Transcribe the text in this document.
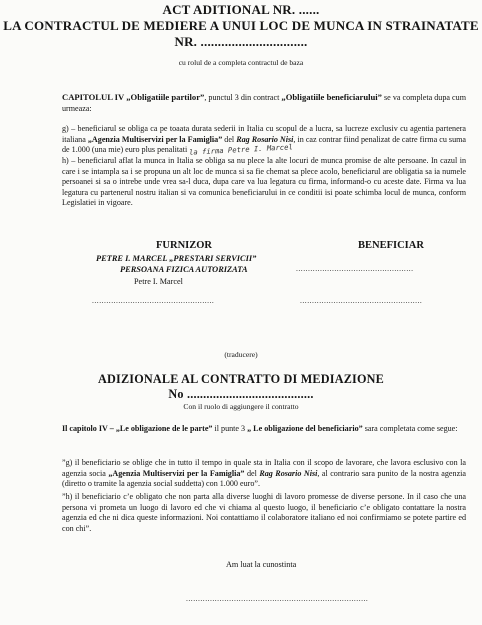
ACT ADITIONAL NR. ......
LA CONTRACTUL DE MEDIERE A UNUI LOC DE MUNCA IN STRAINATATE
NR. ...............................
cu rolul de a completa contractul de baza
CAPITOLUL IV „Obligatiile partilor”, punctul 3 din contract „Obligatiile beneficiarului” se va completa dupa cum urmeaza:
g) – beneficiarul se obliga ca pe toaata durata sederii in Italia cu scopul de a lucra, sa lucreze exclusiv cu agentia partenera italiana „Agenzia Multiservizi per la Famiglia” del Rag Rosario Nisi, in caz contrar fiind penalizat de catre firma cu suma de 1.000 (una mie) euro plus penalitati la firma Petre I. Marcel
h) – beneficiarul aflat la munca in Italia se obliga sa nu plece la alte locuri de munca promise de alte persoane. In cazul in care i se intampla sa i se propuna un alt loc de munca si sa fie chemat sa plece acolo, beneficiarul are obligatia sa ia numele persoanei si sa o intrebe unde vrea sa-l duca, dupa care va lua legatura cu firma, informand-o cu aceste date. Firma va lua legatura cu partenerul nostru italian si va comunica beneficiarului in ce conditii isi poate schimba locul de munca, conform Legislatiei in vigoare.
FURNIZOR	BENEFICIAR
PETRE I. MARCEL „PRESTARI SERVICII”
PERSOANA FIZICA AUTORIZATA
Petre I. Marcel
.................................................
...................................................	...................................................
(traducere)
ADIZIONALE AL CONTRATTO DI MEDIAZIONE
No .......................................
Con il ruolo di aggiungere il contratto
Il capitolo IV – „Le obligazione de le parte” il punte 3 „ Le obligazione del beneficiario” sara completata come segue:
”g) il beneficiario se oblige che in tutto il tempo in quale sta in Italia con il scopo de lavorare, che lavora esclusivo con la agenzia socia „Agenzia Multiservizi per la Famiglia” del Rag Rosario Nisi, al contrario sara punito de la nostra agenzia (diretto o tramite la agenzia social suddetta) con 1.000 euro”.
”h) il beneficiario c’e obligato che non parta alla diverse luoghi di lavoro promesse de diverse persone. In il caso che una persona vi prometa un luogo di lavoro ed che vi chiama al questo luogo, il beneficiario c’e obligato contattare la nostra agenzia ed che ni dica queste informazioni. Noi contattiamo il colaboratore italiano ed noi confirmiamo se potete partire ed con chi”.
Am luat la cunostinta
............................................................................
